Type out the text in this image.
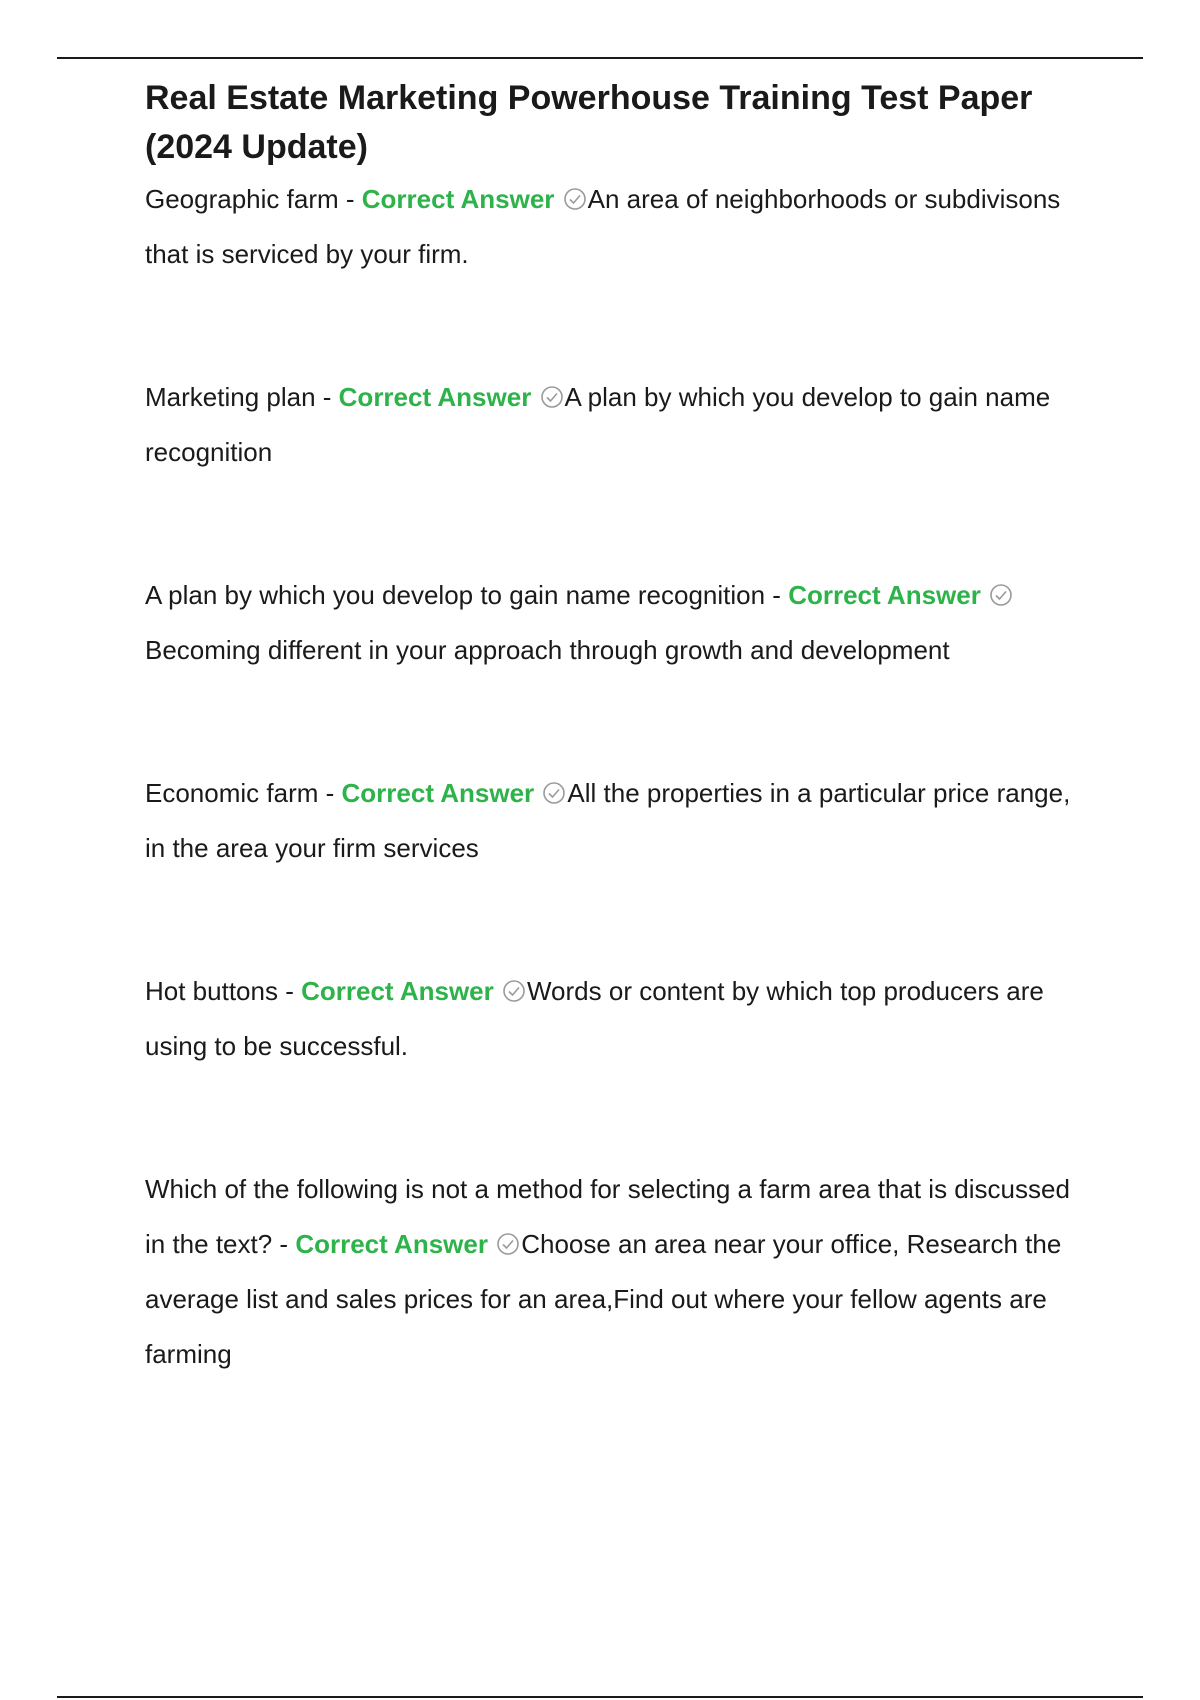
Real Estate Marketing Powerhouse Training Test Paper (2024 Update)

Geographic farm - Correct Answer An area of neighborhoods or subdivisons that is serviced by your firm.

Marketing plan - Correct Answer A plan by which you develop to gain name recognition

A plan by which you develop to gain name recognition - Correct Answer Becoming different in your approach through growth and development

Economic farm - Correct Answer All the properties in a particular price range, in the area your firm services

Hot buttons - Correct Answer Words or content by which top producers are using to be successful.

Which of the following is not a method for selecting a farm area that is discussed in the text? - Correct Answer Choose an area near your office, Research the average list and sales prices for an area,Find out where your fellow agents are farming
